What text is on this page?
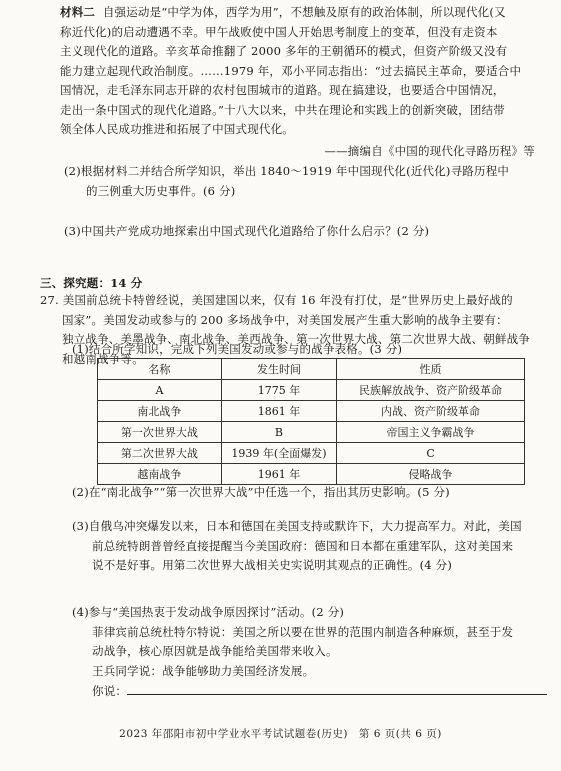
材料二 自强运动是“中学为体，西学为用”，不想触及原有的政治体制，所以现代化(又

称近代化)的启动遭遇不幸。甲午战败使中国人开始思考制度上的变革，但没有走资本

主义现代化的道路。辛亥革命推翻了 2000 多年的王朝循环的模式，但资产阶级又没有

能力建立起现代政治制度。……1979 年，邓小平同志指出：“过去搞民主革命，要适合中

国情况，走毛泽东同志开辟的农村包围城市的道路。现在搞建设，也要适合中国情况，

走出一条中国式的现代化道路。”十八大以来，中共在理论和实践上的创新突破，团结带

领全体人民成功推进和拓展了中国式现代化。

——摘编自《中国的现代化寻路历程》等

(2)根据材料二并结合所学知识，举出 1840～1919 年中国现代化(近代化)寻路历程中

的三例重大历史事件。(6 分)

(3)中国共产党成功地探索出中国式现代化道路给了你什么启示？(2 分)
三、探究题：14 分

27. 美国前总统卡特曾经说，美国建国以来，仅有 16 年没有打仗，是“世界历史上最好战的

国家”。美国发动或参与的 200 多场战争中，对美国发展产生重大影响的战争主要有：

独立战争、美墨战争、南北战争、美西战争、第一次世界大战、第二次世界大战、朝鲜战争

和越南战争等。

(1)结合所学知识，完成下列美国发动或参与的战争表格。(3 分)
名称	发生时间	性质
A	1775 年	民族解放战争、资产阶级革命
南北战争	1861 年	内战、资产阶级革命
第一次世界大战	B	帝国主义争霸战争
第二次世界大战	1939 年(全面爆发)	C
越南战争	1961 年	侵略战争
(2)在“南北战争”“第一次世界大战”中任选一个，指出其历史影响。(5 分)

(3)自俄乌冲突爆发以来，日本和德国在美国支持或默许下，大力提高军力。对此，美国

前总统特朗普曾经直接提醒当今美国政府：德国和日本都在重建军队，这对美国来

说不是好事。用第二次世界大战相关史实说明其观点的正确性。(4 分)

(4)参与“美国热衷于发动战争原因探讨”活动。(2 分)

菲律宾前总统杜特尔特说：美国之所以要在世界的范围内制造各种麻烦，甚至于发

动战争，核心原因就是战争能给美国带来收入。

王兵同学说：战争能够助力美国经济发展。

你说：

2023 年邵阳市初中学业水平考试试题卷(历史)　第 6 页(共 6 页)
